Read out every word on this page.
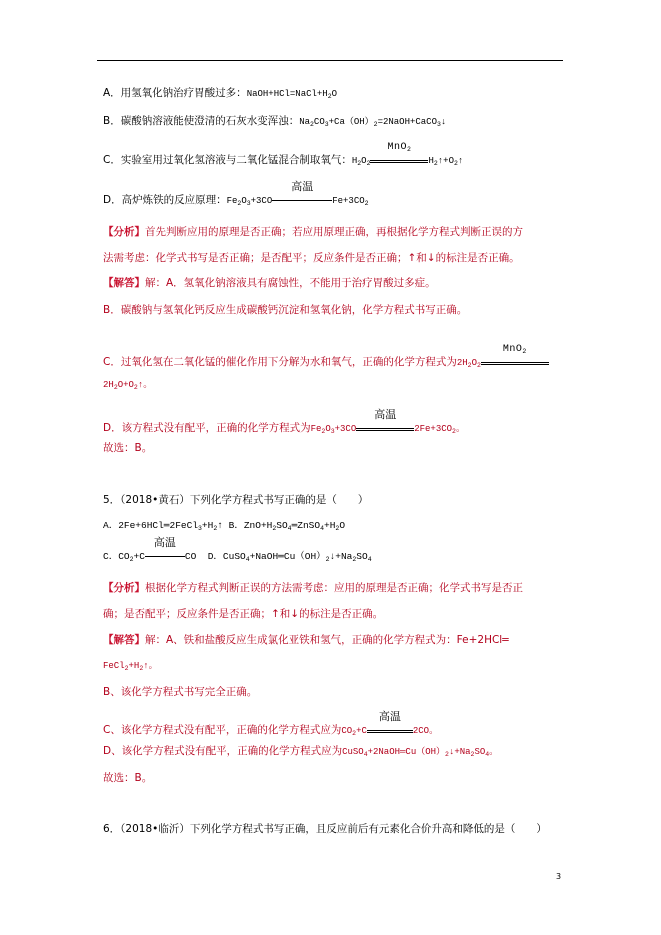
A．用氢氧化钠治疗胃酸过多：$NaOH+HCl=NaCl+H_2O$
B．碳酸钠溶液能使澄清的石灰水变浑浊：$Na_2CO_3+Ca(OH)_2=2NaOH+CaCO_3↓$
C．实验室用过氧化氢溶液与二氧化锰混合制取氧气：$H_2O_2$
MnO$_2$
$H_2↑+O_2↑$
D．高炉炼铁的反应原理：$Fe_2O_3+3CO$
高温
$Fe+3CO_2$
【分析】首先判断应用的原理是否正确；若应用原理正确，再根据化学方程式判断正误的方
法需考虑：化学式书写是否正确；是否配平；反应条件是否正确；↑和↓的标注是否正确。
【解答】解：A．氢氧化钠溶液具有腐蚀性，不能用于治疗胃酸过多症。
B．碳酸钠与氢氧化钙反应生成碳酸钙沉淀和氢氧化钠，化学方程式书写正确。
C．过氧化氢在二氧化锰的催化作用下分解为水和氧气，正确的化学方程式为$2H_2O_2$
MnO$_2$
$2H_2O+O_2↑$。
D．该方程式没有配平，正确的化学方程式为$Fe_2O_3+3CO$
高温
$2Fe+3CO_2$。
故选：B。
5．（2018•黄石）下列化学方程式书写正确的是（　　）
A．$2Fe+6HCl═2FeCl_3+H_2↑$ B．$ZnO+H_2SO_4═ZnSO_4+H_2O$
C．$CO_2+C$
高温
CO D．$CuSO_4+NaOH═Cu(OH)_2↓+Na_2SO_4$
【分析】根据化学方程式判断正误的方法需考虑：应用的原理是否正确；化学式书写是否正
确；是否配平；反应条件是否正确；↑和↓的标注是否正确。
【解答】解：A、铁和盐酸反应生成氯化亚铁和氢气，正确的化学方程式为：Fe+2HCl═
$FeCl_2+H_2↑$。
B、该化学方程式书写完全正确。
C、该化学方程式没有配平，正确的化学方程式应为$CO_2+C$
高温
2CO。
D、该化学方程式没有配平，正确的化学方程式应为$CuSO_4+2NaOH═Cu(OH)_2↓+Na_2SO_4$。
故选：B。
6．（2018•临沂）下列化学方程式书写正确，且反应前后有元素化合价升高和降低的是（　　）
3
